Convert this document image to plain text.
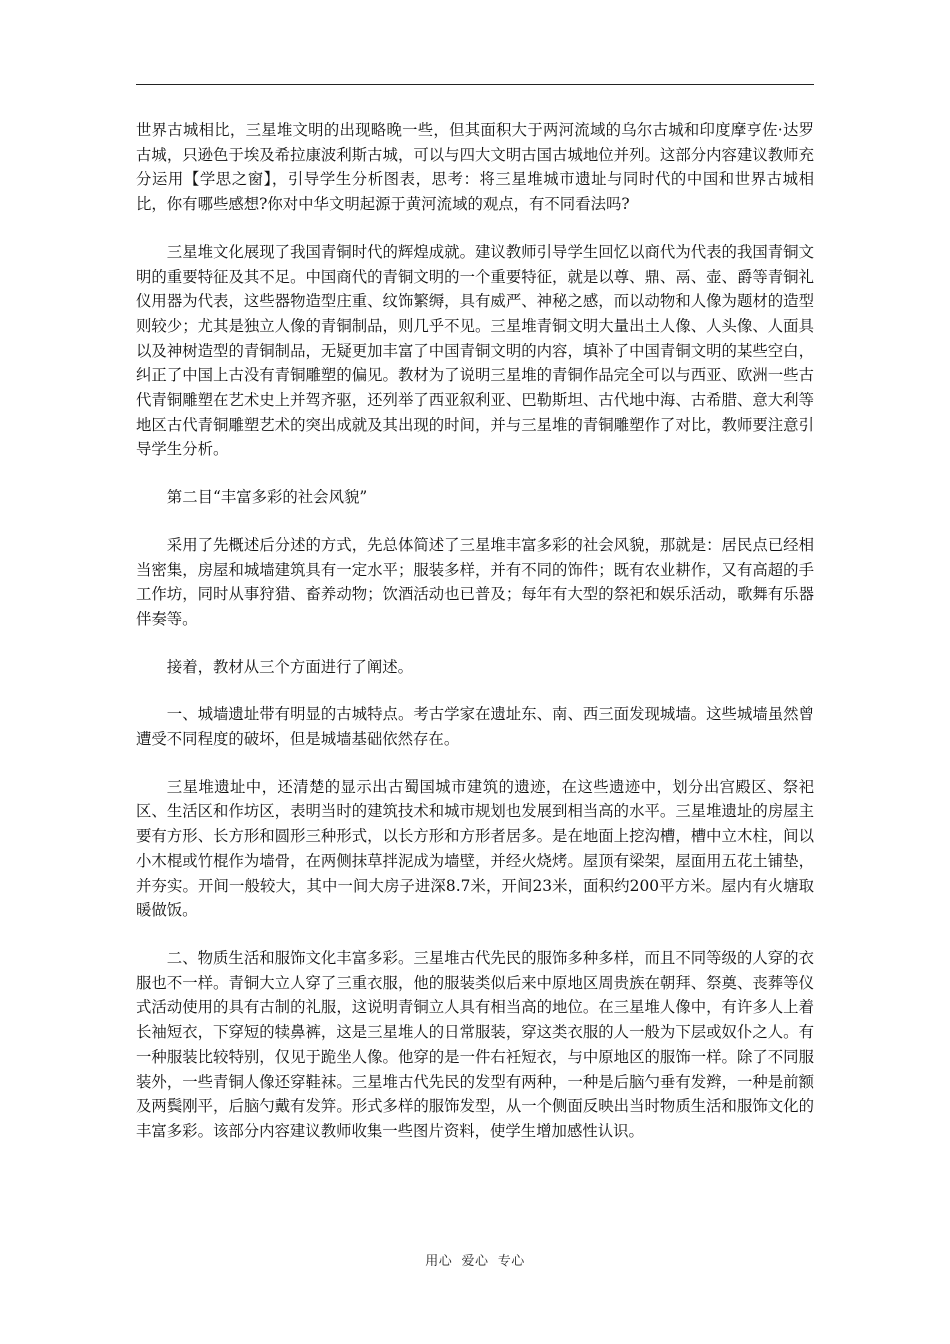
世界古城相比，三星堆文明的出现略晚一些，但其面积大于两河流域的乌尔古城和印度摩亨佐·达罗古城，只逊色于埃及希拉康波利斯古城，可以与四大文明古国古城地位并列。这部分内容建议教师充分运用【学思之窗】，引导学生分析图表，思考：将三星堆城市遗址与同时代的中国和世界古城相比，你有哪些感想?你对中华文明起源于黄河流域的观点，有不同看法吗?

三星堆文化展现了我国青铜时代的辉煌成就。建议教师引导学生回忆以商代为代表的我国青铜文明的重要特征及其不足。中国商代的青铜文明的一个重要特征，就是以尊、鼎、鬲、壶、爵等青铜礼仪用器为代表，这些器物造型庄重、纹饰繁缛，具有威严、神秘之感，而以动物和人像为题材的造型则较少；尤其是独立人像的青铜制品，则几乎不见。三星堆青铜文明大量出土人像、人头像、人面具以及神树造型的青铜制品，无疑更加丰富了中国青铜文明的内容，填补了中国青铜文明的某些空白，纠正了中国上古没有青铜雕塑的偏见。教材为了说明三星堆的青铜作品完全可以与西亚、欧洲一些古代青铜雕塑在艺术史上并驾齐驱，还列举了西亚叙利亚、巴勒斯坦、古代地中海、古希腊、意大利等地区古代青铜雕塑艺术的突出成就及其出现的时间，并与三星堆的青铜雕塑作了对比，教师要注意引导学生分析。

第二目“丰富多彩的社会风貌”

采用了先概述后分述的方式，先总体简述了三星堆丰富多彩的社会风貌，那就是：居民点已经相当密集，房屋和城墙建筑具有一定水平；服装多样，并有不同的饰件；既有农业耕作，又有高超的手工作坊，同时从事狩猎、畜养动物；饮酒活动也已普及；每年有大型的祭祀和娱乐活动，歌舞有乐器伴奏等。

接着，教材从三个方面进行了阐述。

一、城墙遗址带有明显的古城特点。考古学家在遗址东、南、西三面发现城墙。这些城墙虽然曾遭受不同程度的破坏，但是城墙基础依然存在。

三星堆遗址中，还清楚的显示出古蜀国城市建筑的遗迹，在这些遗迹中，划分出宫殿区、祭祀区、生活区和作坊区，表明当时的建筑技术和城市规划也发展到相当高的水平。三星堆遗址的房屋主要有方形、长方形和圆形三种形式，以长方形和方形者居多。是在地面上挖沟槽，槽中立木柱，间以小木棍或竹棍作为墙骨，在两侧抹草拌泥成为墙壁，并经火烧烤。屋顶有梁架，屋面用五花土铺垫，并夯实。开间一般较大，其中一间大房子进深8.7米，开间23米，面积约200平方米。屋内有火塘取暖做饭。

二、物质生活和服饰文化丰富多彩。三星堆古代先民的服饰多种多样，而且不同等级的人穿的衣服也不一样。青铜大立人穿了三重衣服，他的服装类似后来中原地区周贵族在朝拜、祭奠、丧葬等仪式活动使用的具有古制的礼服，这说明青铜立人具有相当高的地位。在三星堆人像中，有许多人上着长袖短衣，下穿短的犊鼻裤，这是三星堆人的日常服装，穿这类衣服的人一般为下层或奴仆之人。有一种服装比较特别，仅见于跪坐人像。他穿的是一件右衽短衣，与中原地区的服饰一样。除了不同服装外，一些青铜人像还穿鞋袜。三星堆古代先民的发型有两种，一种是后脑勺垂有发辫，一种是前额及两鬓刚平，后脑勺戴有发笄。形式多样的服饰发型，从一个侧面反映出当时物质生活和服饰文化的丰富多彩。该部分内容建议教师收集一些图片资料，使学生增加感性认识。

用心  爱心  专心
